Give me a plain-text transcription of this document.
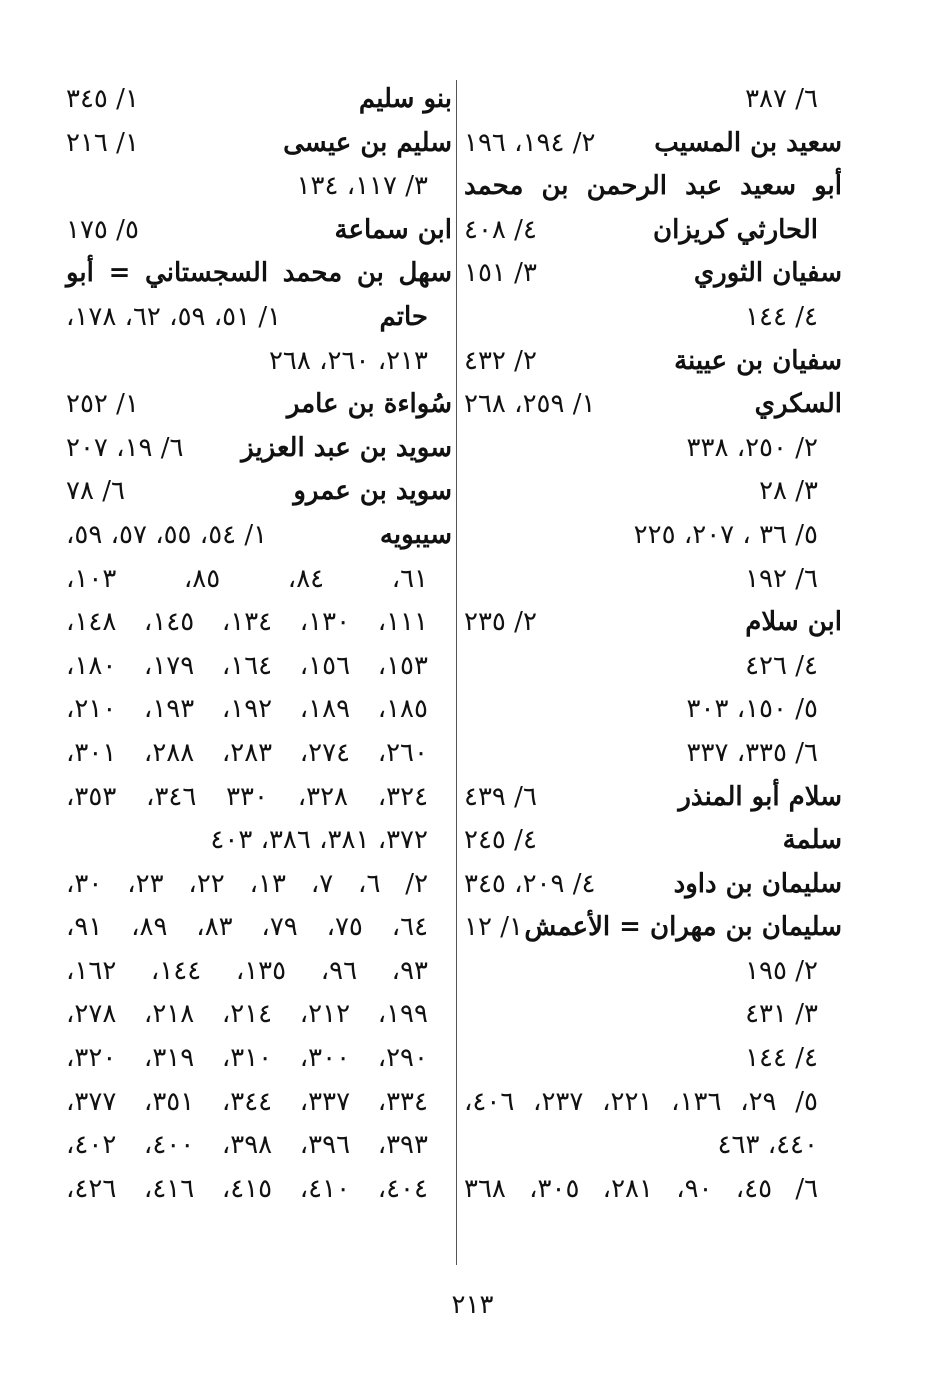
٦/ ٣٨٧
سعيد بن المسيب
٢/ ١٩٤، ١٩٦
أبو سعيد عبد الرحمن بن محمد
الحارثي كريزان
٤/ ٤٠٨
سفيان الثوري
٣/ ١٥١
٤/ ١٤٤
سفيان بن عيينة
٢/ ٤٣٢
السكري
١/ ٢٥٩، ٢٦٨
٢/ ٢٥٠، ٣٣٨
٣/ ٢٨
٥/ ٣٦ ، ٢٠٧، ٢٢٥
٦/ ١٩٢
ابن سلام
٢/ ٢٣٥
٤/ ٤٢٦
٥/ ١٥٠، ٣٠٣
٦/ ٣٣٥، ٣٣٧
سلام أبو المنذر
٦/ ٤٣٩
سلمة
٤/ ٢٤٥
سليمان بن داود
٤/ ٢٠٩، ٣٤٥
سليمان بن مهران = الأعمش
١/ ١٢
٢/ ١٩٥
٣/ ٤٣١
٤/ ١٤٤
٥/ ٢٩، ١٣٦، ٢٢١، ٢٣٧، ٤٠٦،
٤٤٠، ٤٦٣
٦/ ٤٥، ٩٠، ٢٨١، ٣٠٥، ٣٦٨
بنو سليم
١/ ٣٤٥
سليم بن عيسى
١/ ٢١٦
٣/ ١١٧، ١٣٤
ابن سماعة
٥/ ١٧٥
سهل بن محمد السجستاني = أبو
حاتم
١/ ٥١، ٥٩، ٦٢، ١٧٨،
٢١٣، ٢٦٠، ٢٦٨
سُواءة بن عامر
١/ ٢٥٢
سويد بن عبد العزيز
٦/ ١٩، ٢٠٧
سويد بن عمرو
٦/ ٧٨
سيبويه
١/ ٥٤، ٥٥، ٥٧، ٥٩،
٦١، ٨٤، ٨٥، ١٠٣،
١١١، ١٣٠، ١٣٤، ١٤٥، ١٤٨،
١٥٣، ١٥٦، ١٦٤، ١٧٩، ١٨٠،
١٨٥، ١٨٩، ١٩٢، ١٩٣، ٢١٠،
٢٦٠، ٢٧٤، ٢٨٣، ٢٨٨، ٣٠١،
٣٢٤، ٣٢٨، ٣٣٠ ٣٤٦، ٣٥٣،
٣٧٢، ٣٨١، ٣٨٦، ٤٠٣
٢/ ٦، ٧، ١٣، ٢٢، ٢٣، ٣٠،
٦٤، ٧٥، ٧٩، ٨٣، ٨٩، ٩١،
٩٣، ٩٦، ١٣٥، ١٤٤، ١٦٢،
١٩٩، ٢١٢، ٢١٤، ٢١٨، ٢٧٨،
٢٩٠، ٣٠٠، ٣١٠، ٣١٩، ٣٢٠،
٣٣٤، ٣٣٧، ٣٤٤، ٣٥١، ٣٧٧،
٣٩٣، ٣٩٦، ٣٩٨، ٤٠٠، ٤٠٢،
٤٠٤، ٤١٠، ٤١٥، ٤١٦، ٤٢٦،
٢١٣
